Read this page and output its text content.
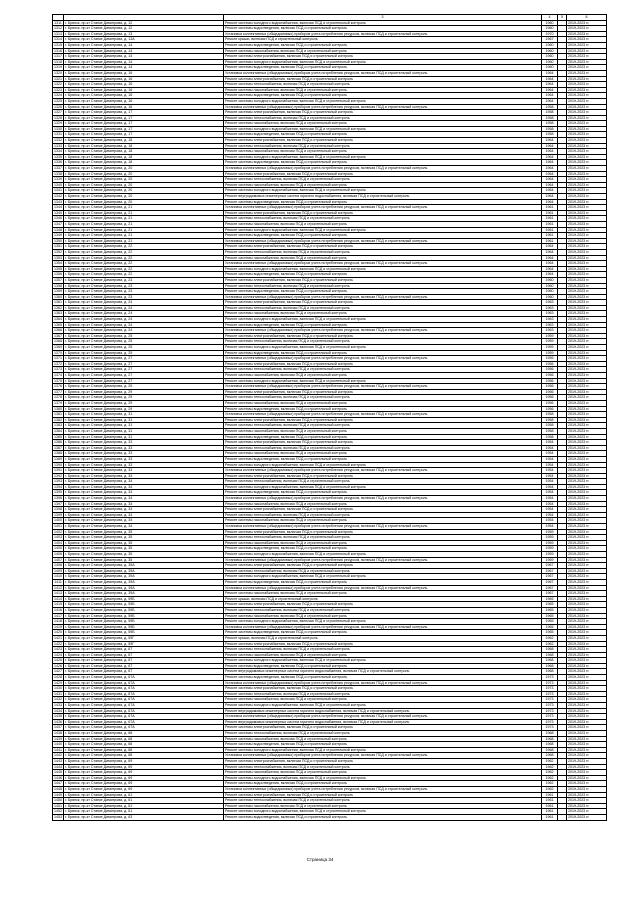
		3	4	5	6
1311	г. Брянск, пр-кт Станке Димитрова, д. 12	Ремонт системы холодного водоснабжения, включая ПСД и строительный контроль	1960		2019-2023 гг.
1312	г. Брянск, пр-кт Станке Димитрова, д. 12	Ремонт системы водоотведения, включая ПСД и строительный контроль	1960		2019-2023 гг.
1313	г. Брянск, пр-кт Станке Димитрова, д. 13	Установка коллективных (общедомовых) приборов учета потребления ресурсов, включая ПСД и строительный контроль	1970		2019-2023 гг.
1314	г. Брянск, пр-кт Станке Димитрова, д. 13А	Ремонт крыши, включая ПСД и строительный контроль	1967		2019-2023 гг.
1315	г. Брянск, пр-кт Станке Димитрова, д. 14	Ремонт системы водоотведения, включая ПСД и строительный контроль	1960		2019-2023 гг.
1316	г. Брянск, пр-кт Станке Димитрова, д. 14	Ремонт системы газоснабжения, включая ПСД и строительный контроль	1960		2019-2023 гг.
1317	г. Брянск, пр-кт Станке Димитрова, д. 14	Ремонт системы электроснабжения, включая ПСД и строительный контроль	1960		2019-2023 гг.
1318	г. Брянск, пр-кт Станке Димитрова, д. 14	Ремонт системы холодного водоснабжения, включая ПСД и строительный контроль	1960		2019-2023 гг.
1319	г. Брянск, пр-кт Станке Димитрова, д. 14	Ремонт системы водоотведения, включая ПСД и строительный контроль	1960		2019-2023 гг.
1320	г. Брянск, пр-кт Станке Димитрова, д. 16	Установка коллективных (общедомовых) приборов учета потребления ресурсов, включая ПСД и строительный контроль	1964		2019-2023 гг.
1321	г. Брянск, пр-кт Станке Димитрова, д. 16	Ремонт системы электроснабжения, включая ПСД и строительный контроль	1964		2019-2023 гг.
1322	г. Брянск, пр-кт Станке Димитрова, д. 16	Ремонт системы теплоснабжения, включая ПСД и строительный контроль	1964		2019-2023 гг.
1323	г. Брянск, пр-кт Станке Димитрова, д. 16	Ремонт системы газоснабжения, включая ПСД и строительный контроль	1964		2019-2023 гг.
1324	г. Брянск, пр-кт Станке Димитрова, д. 16	Ремонт системы водоотведения, включая ПСД и строительный контроль	1964		2019-2023 гг.
1325	г. Брянск, пр-кт Станке Димитрова, д. 16	Ремонт системы холодного водоснабжения, включая ПСД и строительный контроль	1964		2019-2023 гг.
1326	г. Брянск, пр-кт Станке Димитрова, д. 16	Установка коллективных (общедомовых) приборов учета потребления ресурсов, включая ПСД и строительный контроль	1958		2019-2023 гг.
1327	г. Брянск, пр-кт Станке Димитрова, д. 17	Ремонт системы электроснабжения, включая ПСД и строительный контроль	1958		2019-2023 гг.
1328	г. Брянск, пр-кт Станке Димитрова, д. 17	Ремонт системы теплоснабжения, включая ПСД и строительный контроль	1958		2019-2023 гг.
1329	г. Брянск, пр-кт Станке Димитрова, д. 17	Ремонт системы газоснабжения, включая ПСД и строительный контроль	1958		2019-2023 гг.
1330	г. Брянск, пр-кт Станке Димитрова, д. 17	Ремонт системы холодного водоснабжения, включая ПСД и строительный контроль	1958		2019-2023 гг.
1331	г. Брянск, пр-кт Станке Димитрова, д. 17	Ремонт системы водоотведения, включая ПСД и строительный контроль	1958		2019-2023 гг.
1332	г. Брянск, пр-кт Станке Димитрова, д. 18	Ремонт системы электроснабжения, включая ПСД и строительный контроль	1964		2019-2023 гг.
1333	г. Брянск, пр-кт Станке Димитрова, д. 18	Ремонт системы теплоснабжения, включая ПСД и строительный контроль	1964		2019-2023 гг.
1334	г. Брянск, пр-кт Станке Димитрова, д. 18	Ремонт системы газоснабжения, включая ПСД и строительный контроль	1964		2019-2023 гг.
1335	г. Брянск, пр-кт Станке Димитрова, д. 18	Ремонт системы холодного водоснабжения, включая ПСД и строительный контроль	1964		2019-2023 гг.
1336	г. Брянск, пр-кт Станке Димитрова, д. 18	Ремонт системы водоотведения, включая ПСД и строительный контроль	1964		2019-2023 гг.
1337	г. Брянск, пр-кт Станке Димитрова, д. 20	Установка коллективных (общедомовых) приборов учета потребления ресурсов, включая ПСД и строительный контроль	1964		2019-2023 гг.
1338	г. Брянск, пр-кт Станке Димитрова, д. 20	Ремонт системы электроснабжения, включая ПСД и строительный контроль	1964		2019-2023 гг.
1339	г. Брянск, пр-кт Станке Димитрова, д. 20	Ремонт системы теплоснабжения, включая ПСД и строительный контроль	1964		2019-2023 гг.
1340	г. Брянск, пр-кт Станке Димитрова, д. 20	Ремонт системы газоснабжения, включая ПСД и строительный контроль	1964		2019-2023 гг.
1341	г. Брянск, пр-кт Станке Димитрова, д. 20	Ремонт системы холодного водоснабжения, включая ПСД и строительный контроль	1964		2019-2023 гг.
1342	г. Брянск, пр-кт Станке Димитрова, д. 20	Ремонт внутридомовых инженерных систем горячего водоснабжения, включая ПСД и строительный контроль	1964		2019-2023 гг.
1343	г. Брянск, пр-кт Станке Димитрова, д. 20	Ремонт системы водоотведения, включая ПСД и строительный контроль	1964		2019-2023 гг.
1344	г. Брянск, пр-кт Станке Димитрова, д. 21	Установка коллективных (общедомовых) приборов учета потребления ресурсов, включая ПСД и строительный контроль	1961		2019-2023 гг.
1345	г. Брянск, пр-кт Станке Димитрова, д. 21	Ремонт системы электроснабжения, включая ПСД и строительный контроль	1961		2019-2023 гг.
1346	г. Брянск, пр-кт Станке Димитрова, д. 21	Ремонт системы теплоснабжения, включая ПСД и строительный контроль	1961		2019-2023 гг.
1347	г. Брянск, пр-кт Станке Димитрова, д. 21	Ремонт системы газоснабжения, включая ПСД и строительный контроль	1961		2019-2023 гг.
1348	г. Брянск, пр-кт Станке Димитрова, д. 21	Ремонт системы холодного водоснабжения, включая ПСД и строительный контроль	1961		2019-2023 гг.
1349	г. Брянск, пр-кт Станке Димитрова, д. 21	Ремонт системы водоотведения, включая ПСД и строительный контроль	1961		2019-2023 гг.
1350	г. Брянск, пр-кт Станке Димитрова, д. 21	Установка коллективных (общедомовых) приборов учета потребления ресурсов, включая ПСД и строительный контроль	1961		2019-2023 гг.
1351	г. Брянск, пр-кт Станке Димитрова, д. 22	Ремонт системы электроснабжения, включая ПСД и строительный контроль	1964		2019-2023 гг.
1352	г. Брянск, пр-кт Станке Димитрова, д. 22	Ремонт системы теплоснабжения, включая ПСД и строительный контроль	1964		2019-2023 гг.
1353	г. Брянск, пр-кт Станке Димитрова, д. 22	Ремонт системы газоснабжения, включая ПСД и строительный контроль	1964		2019-2023 гг.
1354	г. Брянск, пр-кт Станке Димитрова, д. 22	Установка коллективных (общедомовых) приборов учета потребления ресурсов, включая ПСД и строительный контроль	1964		2019-2023 гг.
1355	г. Брянск, пр-кт Станке Димитрова, д. 22	Ремонт системы холодного водоснабжения, включая ПСД и строительный контроль	1964		2019-2023 гг.
1356	г. Брянск, пр-кт Станке Димитрова, д. 22	Ремонт системы водоотведения, включая ПСД и строительный контроль	1964		2019-2023 гг.
1357	г. Брянск, пр-кт Станке Димитрова, д. 23	Ремонт системы электроснабжения, включая ПСД и строительный контроль	1960		2019-2023 гг.
1358	г. Брянск, пр-кт Станке Димитрова, д. 23	Ремонт системы теплоснабжения, включая ПСД и строительный контроль	1960		2019-2023 гг.
1359	г. Брянск, пр-кт Станке Димитрова, д. 23	Ремонт системы водоотведения, включая ПСД и строительный контроль	1960		2019-2023 гг.
1360	г. Брянск, пр-кт Станке Димитрова, д. 23	Установка коллективных (общедомовых) приборов учета потребления ресурсов, включая ПСД и строительный контроль	1960		2019-2023 гг.
1361	г. Брянск, пр-кт Станке Димитрова, д. 24	Ремонт системы электроснабжения, включая ПСД и строительный контроль	1963		2019-2023 гг.
1362	г. Брянск, пр-кт Станке Димитрова, д. 24	Ремонт системы теплоснабжения, включая ПСД и строительный контроль	1963		2019-2023 гг.
1363	г. Брянск, пр-кт Станке Димитрова, д. 24	Ремонт системы газоснабжения, включая ПСД и строительный контроль	1963		2019-2023 гг.
1364	г. Брянск, пр-кт Станке Димитрова, д. 24	Ремонт системы холодного водоснабжения, включая ПСД и строительный контроль	1963		2019-2023 гг.
1365	г. Брянск, пр-кт Станке Димитрова, д. 24	Ремонт системы водоотведения, включая ПСД и строительный контроль	1963		2019-2023 гг.
1366	г. Брянск, пр-кт Станке Димитрова, д. 24	Установка коллективных (общедомовых) приборов учета потребления ресурсов, включая ПСД и строительный контроль	1963		2019-2023 гг.
1367	г. Брянск, пр-кт Станке Димитрова, д. 25	Ремонт системы электроснабжения, включая ПСД и строительный контроль	1959		2019-2023 гг.
1368	г. Брянск, пр-кт Станке Димитрова, д. 25	Ремонт системы теплоснабжения, включая ПСД и строительный контроль	1959		2019-2023 гг.
1369	г. Брянск, пр-кт Станке Димитрова, д. 25	Ремонт системы холодного водоснабжения, включая ПСД и строительный контроль	1959		2019-2023 гг.
1370	г. Брянск, пр-кт Станке Димитрова, д. 25	Ремонт системы водоотведения, включая ПСД и строительный контроль	1959		2019-2023 гг.
1371	г. Брянск, пр-кт Станке Димитрова, д. 27	Установка коллективных (общедомовых) приборов учета потребления ресурсов, включая ПСД и строительный контроль	1956		2019-2023 гг.
1372	г. Брянск, пр-кт Станке Димитрова, д. 27	Ремонт системы электроснабжения, включая ПСД и строительный контроль	1956		2019-2023 гг.
1373	г. Брянск, пр-кт Станке Димитрова, д. 27	Ремонт системы теплоснабжения, включая ПСД и строительный контроль	1956		2019-2023 гг.
1374	г. Брянск, пр-кт Станке Димитрова, д. 27	Ремонт системы газоснабжения, включая ПСД и строительный контроль	1956		2019-2023 гг.
1375	г. Брянск, пр-кт Станке Димитрова, д. 27	Ремонт системы холодного водоснабжения, включая ПСД и строительный контроль	1956		2019-2023 гг.
1376	г. Брянск, пр-кт Станке Димитрова, д. 29	Установка коллективных (общедомовых) приборов учета потребления ресурсов, включая ПСД и строительный контроль	1956		2019-2023 гг.
1377	г. Брянск, пр-кт Станке Димитрова, д. 29	Ремонт системы электроснабжения, включая ПСД и строительный контроль	1956		2019-2023 гг.
1378	г. Брянск, пр-кт Станке Димитрова, д. 29	Ремонт системы теплоснабжения, включая ПСД и строительный контроль	1956		2019-2023 гг.
1379	г. Брянск, пр-кт Станке Димитрова, д. 29	Ремонт системы газоснабжения, включая ПСД и строительный контроль	1956		2019-2023 гг.
1380	г. Брянск, пр-кт Станке Димитрова, д. 29	Ремонт системы водоотведения, включая ПСД и строительный контроль	1956		2019-2023 гг.
1381	г. Брянск, пр-кт Станке Димитрова, д. 31	Установка коллективных (общедомовых) приборов учета потребления ресурсов, включая ПСД и строительный контроль	1958		2019-2023 гг.
1382	г. Брянск, пр-кт Станке Димитрова, д. 31	Ремонт системы электроснабжения, включая ПСД и строительный контроль	1958		2019-2023 гг.
1383	г. Брянск, пр-кт Станке Димитрова, д. 31	Ремонт системы теплоснабжения, включая ПСД и строительный контроль	1958		2019-2023 гг.
1384	г. Брянск, пр-кт Станке Димитрова, д. 31	Ремонт системы газоснабжения, включая ПСД и строительный контроль	1958		2019-2023 гг.
1385	г. Брянск, пр-кт Станке Димитрова, д. 31	Ремонт системы водоотведения, включая ПСД и строительный контроль	1958		2019-2023 гг.
1386	г. Брянск, пр-кт Станке Димитрова, д. 33	Ремонт системы электроснабжения, включая ПСД и строительный контроль	1954		2019-2023 гг.
1387	г. Брянск, пр-кт Станке Димитрова, д. 33	Ремонт системы теплоснабжения, включая ПСД и строительный контроль	1954		2019-2023 гг.
1388	г. Брянск, пр-кт Станке Димитрова, д. 33	Ремонт системы газоснабжения, включая ПСД и строительный контроль	1954		2019-2023 гг.
1389	г. Брянск, пр-кт Станке Димитрова, д. 33	Ремонт системы водоотведения, включая ПСД и строительный контроль	1954		2019-2023 гг.
1390	г. Брянск, пр-кт Станке Димитрова, д. 33	Ремонт системы холодного водоснабжения, включая ПСД и строительный контроль	1954		2019-2023 гг.
1391	г. Брянск, пр-кт Станке Димитрова, д. 33	Установка коллективных (общедомовых) приборов учета потребления ресурсов, включая ПСД и строительный контроль	1954		2019-2023 гг.
1392	г. Брянск, пр-кт Станке Димитрова, д. 34	Ремонт системы электроснабжения, включая ПСД и строительный контроль	1954		2019-2023 гг.
1393	г. Брянск, пр-кт Станке Димитрова, д. 34	Ремонт системы теплоснабжения, включая ПСД и строительный контроль	1954		2019-2023 гг.
1394	г. Брянск, пр-кт Станке Димитрова, д. 34	Ремонт системы холодного водоснабжения, включая ПСД и строительный контроль	1954		2019-2023 гг.
1395	г. Брянск, пр-кт Станке Димитрова, д. 34	Ремонт системы водоотведения, включая ПСД и строительный контроль	1954		2019-2023 гг.
1396	г. Брянск, пр-кт Станке Димитрова, д. 34	Установка коллективных (общедомовых) приборов учета потребления ресурсов, включая ПСД и строительный контроль	1954		2019-2023 гг.
1397	г. Брянск, пр-кт Станке Димитрова, д. 34	Ремонт системы газоснабжения, включая ПСД и строительный контроль	1954		2019-2023 гг.
1398	г. Брянск, пр-кт Станке Димитрова, д. 34	Ремонт системы электроснабжения, включая ПСД и строительный контроль	1954		2019-2023 гг.
1399	г. Брянск, пр-кт Станке Димитрова, д. 34	Ремонт системы теплоснабжения, включая ПСД и строительный контроль	1954		2019-2023 гг.
1400	г. Брянск, пр-кт Станке Димитрова, д. 34	Ремонт системы газоснабжения, включая ПСД и строительный контроль	1954		2019-2023 гг.
1401	г. Брянск, пр-кт Станке Димитрова, д. 34	Установка коллективных (общедомовых) приборов учета потребления ресурсов, включая ПСД и строительный контроль	1954		2019-2023 гг.
1402	г. Брянск, пр-кт Станке Димитрова, д. 35	Ремонт системы электроснабжения, включая ПСД и строительный контроль	1959		2019-2023 гг.
1403	г. Брянск, пр-кт Станке Димитрова, д. 35	Ремонт системы теплоснабжения, включая ПСД и строительный контроль	1959		2019-2023 гг.
1404	г. Брянск, пр-кт Станке Димитрова, д. 35	Ремонт системы газоснабжения, включая ПСД и строительный контроль	1959		2019-2023 гг.
1405	г. Брянск, пр-кт Станке Димитрова, д. 35	Ремонт системы водоотведения, включая ПСД и строительный контроль	1959		2019-2023 гг.
1406	г. Брянск, пр-кт Станке Димитрова, д. 35	Ремонт системы холодного водоснабжения, включая ПСД и строительный контроль	1959		2019-2023 гг.
1407	г. Брянск, пр-кт Станке Димитрова, д. 35	Установка коллективных (общедомовых) приборов учета потребления ресурсов, включая ПСД и строительный контроль	1959		2019-2023 гг.
1408	г. Брянск, пр-кт Станке Димитрова, д. 39А	Ремонт системы электроснабжения, включая ПСД и строительный контроль	1967		2019-2023 гг.
1409	г. Брянск, пр-кт Станке Димитрова, д. 39А	Ремонт системы теплоснабжения, включая ПСД и строительный контроль	1967		2019-2023 гг.
1410	г. Брянск, пр-кт Станке Димитрова, д. 39А	Ремонт системы холодного водоснабжения, включая ПСД и строительный контроль	1967		2019-2023 гг.
1411	г. Брянск, пр-кт Станке Димитрова, д. 39А	Ремонт системы водоотведения, включая ПСД и строительный контроль	1967		2019-2023 гг.
1412	г. Брянск, пр-кт Станке Димитрова, д. 39А	Установка коллективных (общедомовых) приборов учета потребления ресурсов, включая ПСД и строительный контроль	1967		2019-2023 гг.
1413	г. Брянск, пр-кт Станке Димитрова, д. 39А	Ремонт системы газоснабжения, включая ПСД и строительный контроль	1967		2019-2023 гг.
1414	г. Брянск, пр-кт Станке Димитрова, д. 59Б	Ремонт крыши, включая ПСД и строительный контроль	1965		2019-2023 гг.
1415	г. Брянск, пр-кт Станке Димитрова, д. 59Б	Ремонт системы электроснабжения, включая ПСД и строительный контроль	1965		2019-2023 гг.
1416	г. Брянск, пр-кт Станке Димитрова, д. 59Б	Ремонт системы теплоснабжения, включая ПСД и строительный контроль	1965		2019-2023 гг.
1417	г. Брянск, пр-кт Станке Димитрова, д. 59Б	Ремонт системы газоснабжения, включая ПСД и строительный контроль	1965		2019-2023 гг.
1418	г. Брянск, пр-кт Станке Димитрова, д. 59Б	Ремонт системы холодного водоснабжения, включая ПСД и строительный контроль	1965		2019-2023 гг.
1419	г. Брянск, пр-кт Станке Димитрова, д. 59Б	Установка коллективных (общедомовых) приборов учета потребления ресурсов, включая ПСД и строительный контроль	1965		2019-2023 гг.
1420	г. Брянск, пр-кт Станке Димитрова, д. 59Б	Ремонт системы водоотведения, включая ПСД и строительный контроль	1965		2019-2023 гг.
1421	г. Брянск, пр-кт Станке Димитрова, д. 59Г	Ремонт крыши, включая ПСД и строительный контроль	1962		2019-2023 гг.
1422	г. Брянск, пр-кт Станке Димитрова, д. 59Г	Ремонт системы электроснабжения, включая ПСД и строительный контроль	1962		2019-2023 гг.
1423	г. Брянск, пр-кт Станке Димитрова, д. 67	Ремонт системы теплоснабжения, включая ПСД и строительный контроль	1968		2019-2023 гг.
1424	г. Брянск, пр-кт Станке Димитрова, д. 67	Ремонт системы газоснабжения, включая ПСД и строительный контроль	1968		2019-2023 гг.
1425	г. Брянск, пр-кт Станке Димитрова, д. 67	Ремонт системы холодного водоснабжения, включая ПСД и строительный контроль	1968		2019-2023 гг.
1426	г. Брянск, пр-кт Станке Димитрова, д. 67	Ремонт системы водоотведения, включая ПСД и строительный контроль	1968		2019-2023 гг.
1427	г. Брянск, пр-кт Станке Димитрова, д. 67	Ремонт внутридомовых инженерных систем горячего водоснабжения, включая ПСД и строительный контроль	1968		2019-2023 гг.
1428	г. Брянск, пр-кт Станке Димитрова, д. 67А	Ремонт системы водоотведения, включая ПСД и строительный контроль	1973		2019-2023 гг.
1429	г. Брянск, пр-кт Станке Димитрова, д. 67А	Установка коллективных (общедомовых) приборов учета потребления ресурсов, включая ПСД и строительный контроль	1973		2019-2023 гг.
1430	г. Брянск, пр-кт Станке Димитрова, д. 67А	Ремонт системы электроснабжения, включая ПСД и строительный контроль	1973		2019-2023 гг.
1431	г. Брянск, пр-кт Станке Димитрова, д. 67А	Ремонт системы теплоснабжения, включая ПСД и строительный контроль	1973		2019-2023 гг.
1432	г. Брянск, пр-кт Станке Димитрова, д. 67А	Ремонт системы газоснабжения, включая ПСД и строительный контроль	1973		2019-2023 гг.
1433	г. Брянск, пр-кт Станке Димитрова, д. 67А	Ремонт системы холодного водоснабжения, включая ПСД и строительный контроль	1973		2019-2023 гг.
1434	г. Брянск, пр-кт Станке Димитрова, д. 67А	Ремонт внутридомовых инженерных систем горячего водоснабжения, включая ПСД и строительный контроль	1973		2019-2023 гг.
1435	г. Брянск, пр-кт Станке Димитрова, д. 67А	Установка коллективных (общедомовых) приборов учета потребления ресурсов, включая ПСД и строительный контроль	1973		2019-2023 гг.
1436	г. Брянск, пр-кт Станке Димитрова, д. 67А	Ремонт внутридомовых инженерных систем горячего водоснабжения, включая ПСД и строительный контроль	1973		2019-2023 гг.
1437	г. Брянск, пр-кт Станке Димитрова, д. 67А	Ремонт системы электроснабжения, включая ПСД и строительный контроль	1973		2019-2023 гг.
1438	г. Брянск, пр-кт Станке Димитрова, д. 68	Ремонт системы теплоснабжения, включая ПСД и строительный контроль	1968		2019-2023 гг.
1439	г. Брянск, пр-кт Станке Димитрова, д. 68	Ремонт системы газоснабжения, включая ПСД и строительный контроль	1968		2019-2023 гг.
1440	г. Брянск, пр-кт Станке Димитрова, д. 68	Ремонт системы водоотведения, включая ПСД и строительный контроль	1968		2019-2023 гг.
1441	г. Брянск, пр-кт Станке Димитрова, д. 68	Ремонт системы холодного водоснабжения, включая ПСД и строительный контроль	1968		2019-2023 гг.
1442	г. Брянск, пр-кт Станке Димитрова, д. 68	Установка коллективных (общедомовых) приборов учета потребления ресурсов, включая ПСД и строительный контроль	1968		2019-2023 гг.
1443	г. Брянск, пр-кт Станке Димитрова, д. 69	Ремонт системы электроснабжения, включая ПСД и строительный контроль	1962		2019-2023 гг.
1444	г. Брянск, пр-кт Станке Димитрова, д. 69	Ремонт системы теплоснабжения, включая ПСД и строительный контроль	1962		2019-2023 гг.
1445	г. Брянск, пр-кт Станке Димитрова, д. 69	Ремонт системы газоснабжения, включая ПСД и строительный контроль	1962		2019-2023 гг.
1446	г. Брянск, пр-кт Станке Димитрова, д. 69	Ремонт системы холодного водоснабжения, включая ПСД и строительный контроль	1962		2019-2023 гг.
1447	г. Брянск, пр-кт Станке Димитрова, д. 69	Ремонт системы водоотведения, включая ПСД и строительный контроль	1962		2019-2023 гг.
1448	г. Брянск, пр-кт Станке Димитрова, д. 69	Установка коллективных (общедомовых) приборов учета потребления ресурсов, включая ПСД и строительный контроль	1962		2019-2023 гг.
1449	г. Брянск, пр-кт Станке Димитрова, д. 61	Ремонт системы электроснабжения, включая ПСД и строительный контроль	1961		2019-2023 гг.
1450	г. Брянск, пр-кт Станке Димитрова, д. 61	Ремонт системы теплоснабжения, включая ПСД и строительный контроль	1961		2019-2023 гг.
1451	г. Брянск, пр-кт Станке Димитрова, д. 61	Ремонт системы газоснабжения, включая ПСД и строительный контроль	1961		2019-2023 гг.
1452	г. Брянск, пр-кт Станке Димитрова, д. 61	Ремонт системы холодного водоснабжения, включая ПСД и строительный контроль	1961		2019-2023 гг.
1453	г. Брянск, пр-кт Станке Димитрова, д. 63	Ремонт системы водоотведения, включая ПСД и строительный контроль	1961		2019-2023 гг.
Страница 34
